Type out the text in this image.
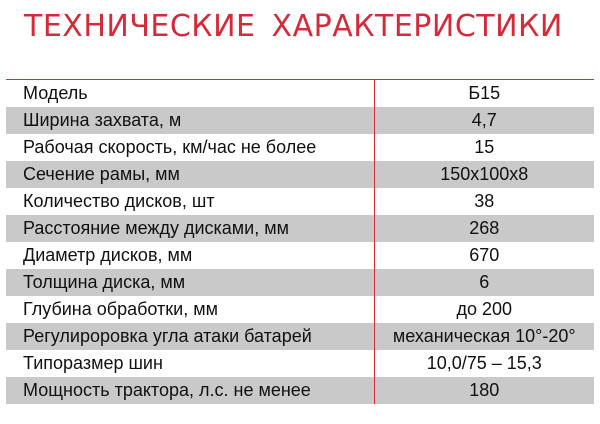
ТЕХНИЧЕСКИЕ ХАРАКТЕРИСТИКИ
Модель	Б15
Ширина захвата, м	4,7
Рабочая скорость, км/час не более	15
Сечение рамы, мм	150х100х8
Количество дисков, шт	38
Расстояние между дисками, мм	268
Диаметр дисков, мм	670
Толщина диска, мм	6
Глубина обработки, мм	до 200
Регулироровка угла атаки батарей	механическая 10°-20°
Типоразмер шин	10,0/75 – 15,3
Мощность трактора, л.с. не менее	180
